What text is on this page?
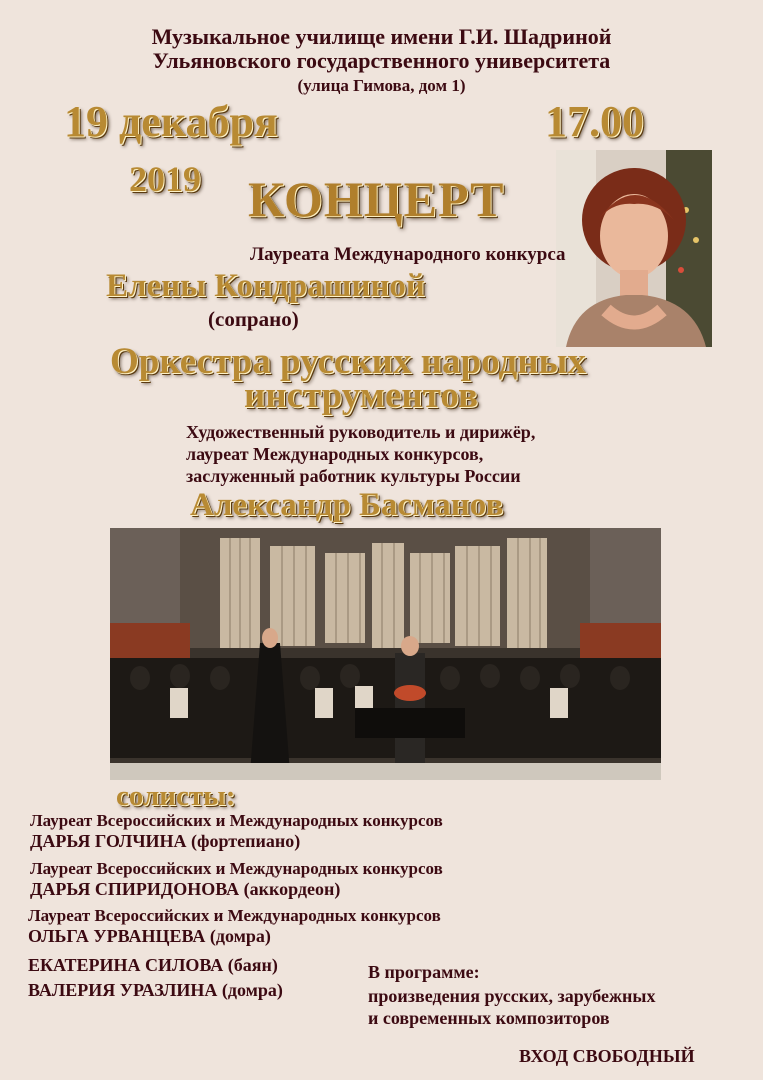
Музыкальное училище имени Г.И. Шадриной
Ульяновского государственного университета
(улица Гимова, дом 1)
19 декабря	17.00
2019 КОНЦЕРТ
Лауреата Международного конкурса
Елены Кондрашиной
(сопрано)
Оркестра русских народных
инструментов
Художественный руководитель и дирижёр,
лауреат Международных конкурсов,
заслуженный работник культуры России
Александр Басманов
солисты:
Лауреат Всероссийских и Международных конкурсов
ДАРЬЯ ГОЛЧИНА (фортепиано)
Лауреат Всероссийских и Международных конкурсов
ДАРЬЯ СПИРИДОНОВА (аккордеон)
Лауреат Всероссийских и Международных конкурсов
ОЛЬГА УРВАНЦЕВА (домра)
ЕКАТЕРИНА СИЛОВА (баян)
ВАЛЕРИЯ УРАЗЛИНА (домра)
В программе:
произведения русских, зарубежных
и современных композиторов
ВХОД СВОБОДНЫЙ
